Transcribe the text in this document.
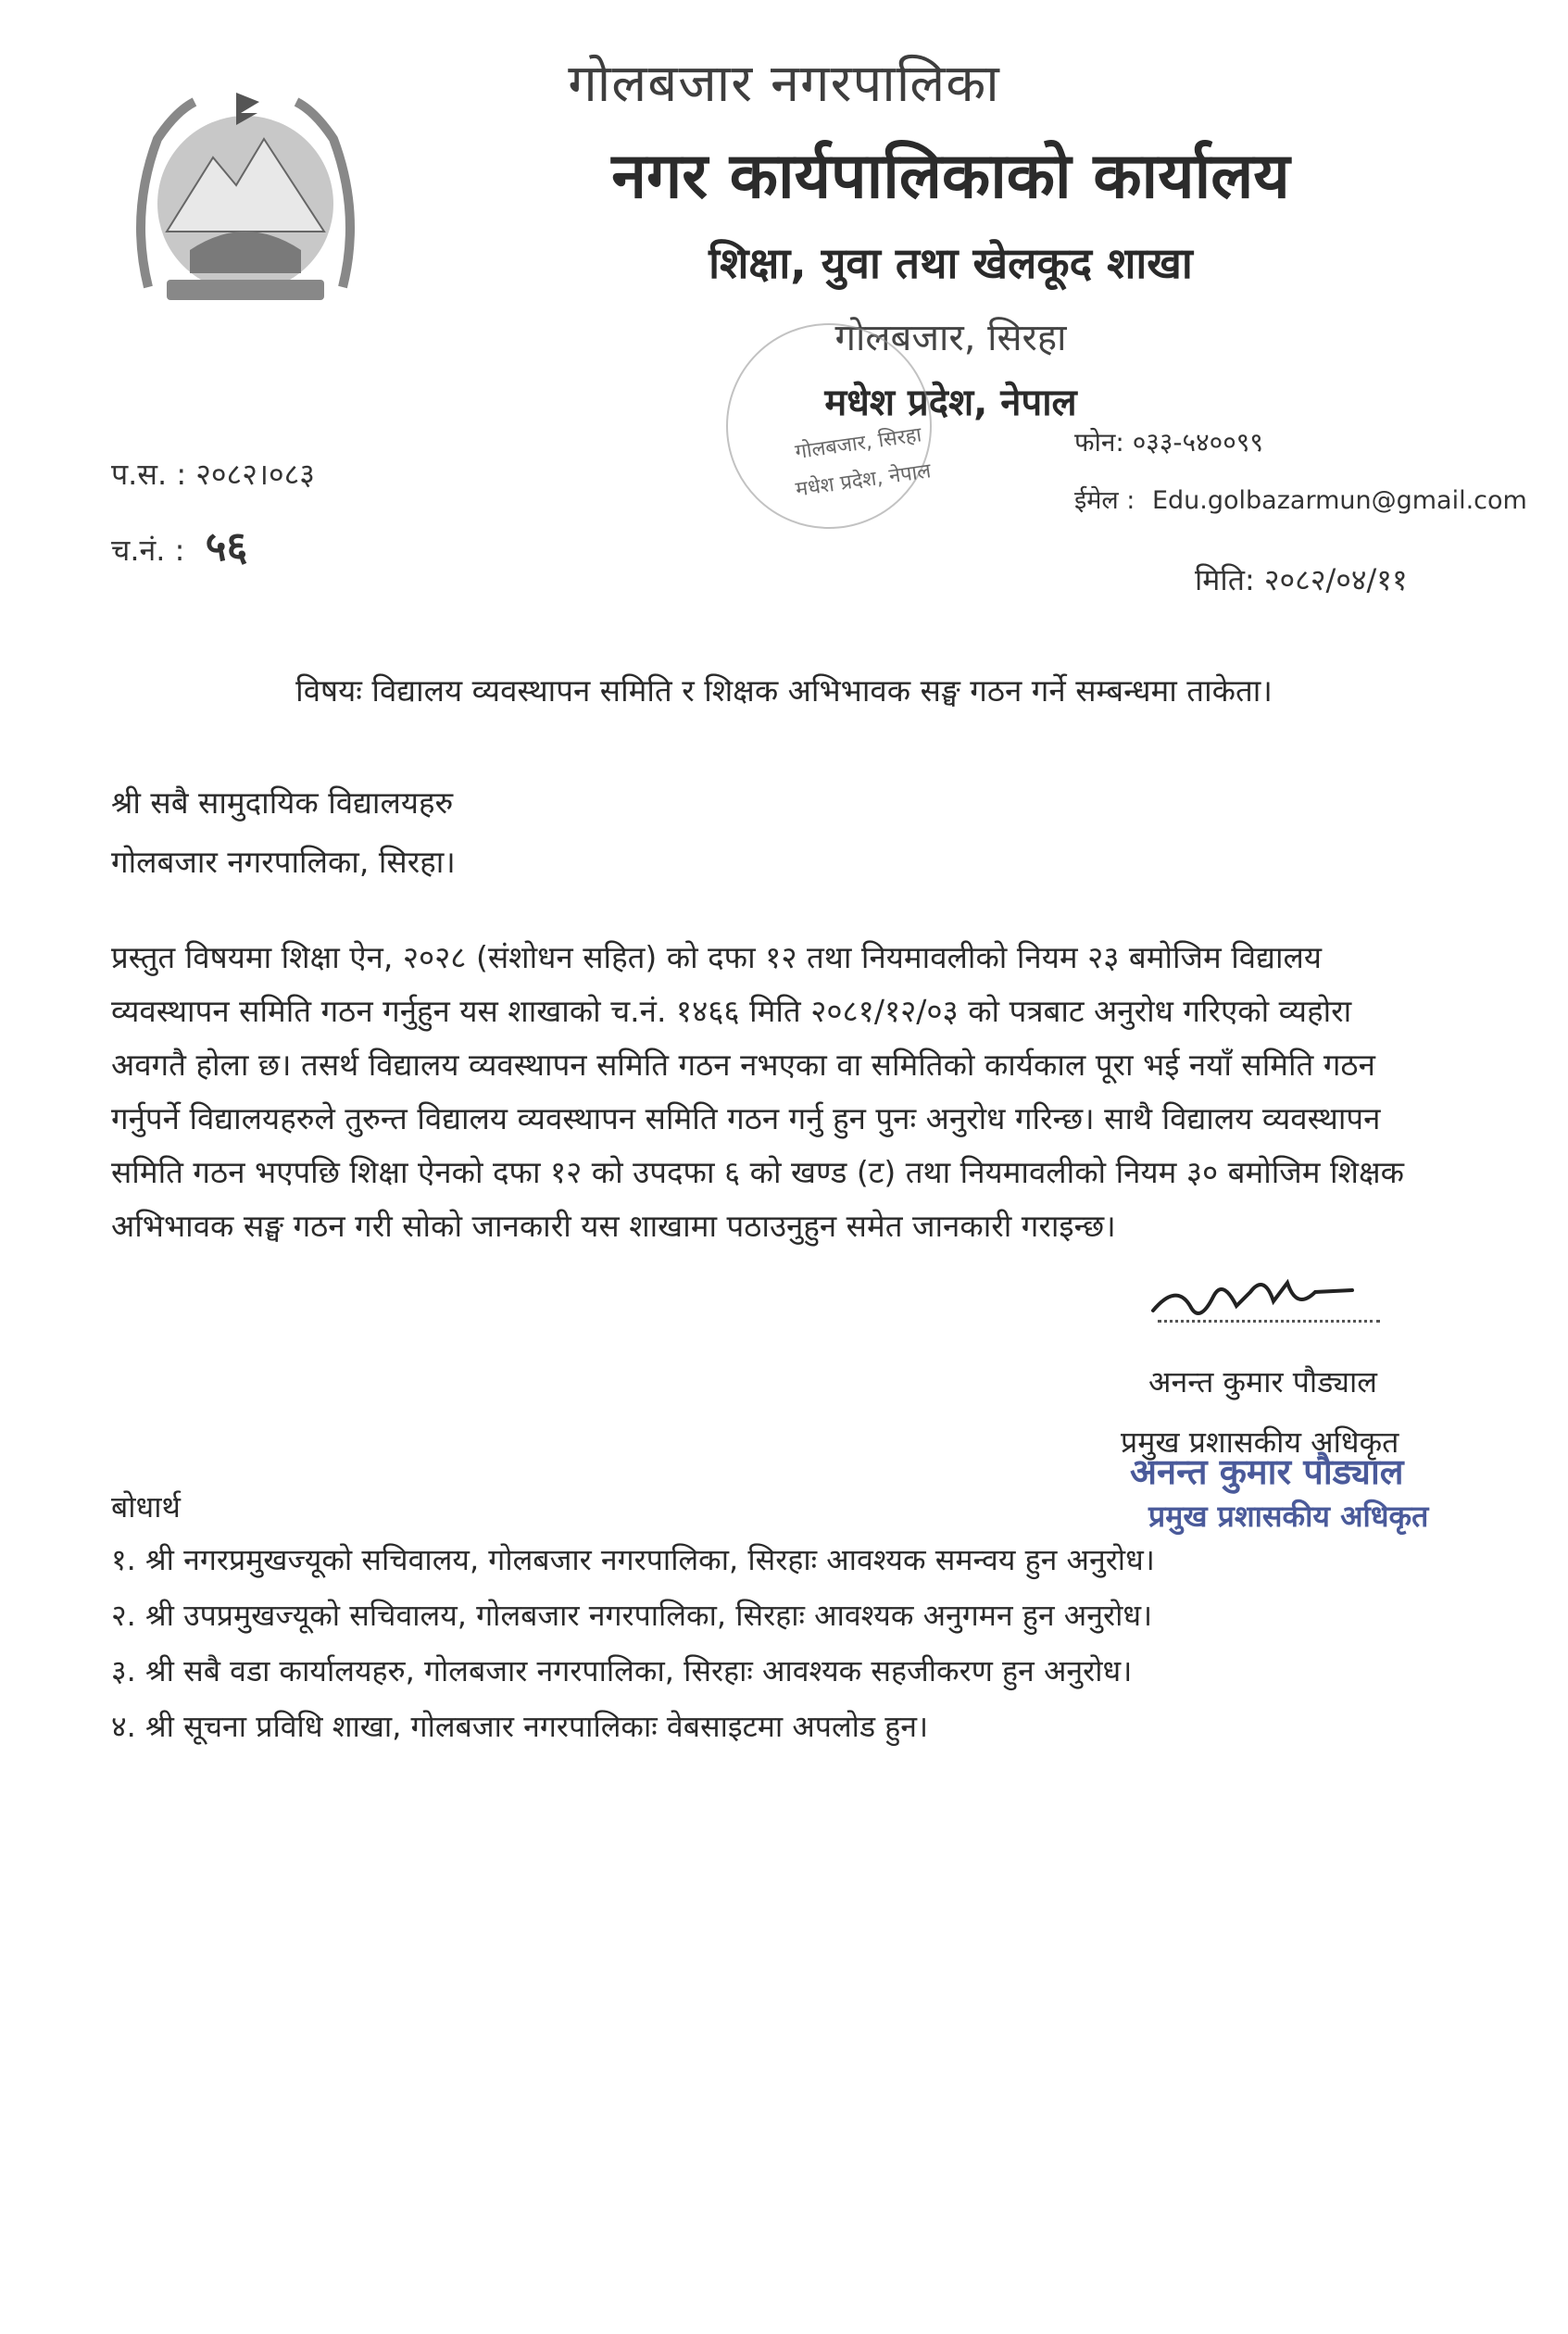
गोलबजार नगरपालिका
नगर कार्यपालिकाको कार्यालय
शिक्षा, युवा तथा खेलकूद शाखा
गोलबजार, सिरहा
मधेश प्रदेश, नेपाल
गोलबजार, सिरहा
मधेश प्रदेश, नेपाल
प.स. : २०८२।०८३
च.नं. : ५६
फोन: ०३३-५४००९९
ईमेल : Edu.golbazarmun@gmail.com
मिति: २०८२/०४/११
विषयः विद्यालय व्यवस्थापन समिति र शिक्षक अभिभावक सङ्घ गठन गर्ने सम्बन्धमा ताकेता।
श्री सबै सामुदायिक विद्यालयहरु
गोलबजार नगरपालिका, सिरहा।
प्रस्तुत विषयमा शिक्षा ऐन, २०२८ (संशोधन सहित) को दफा १२ तथा नियमावलीको नियम २३ बमोजिम विद्यालय
व्यवस्थापन समिति गठन गर्नुहुन यस शाखाको च.नं. १४६६ मिति २०८१/१२/०३ को पत्रबाट अनुरोध गरिएको व्यहोरा
अवगतै होला छ। तसर्थ विद्यालय व्यवस्थापन समिति गठन नभएका वा समितिको कार्यकाल पूरा भई नयाँ समिति गठन
गर्नुपर्ने विद्यालयहरुले तुरुन्त विद्यालय व्यवस्थापन समिति गठन गर्नु हुन पुनः अनुरोध गरिन्छ। साथै विद्यालय व्यवस्थापन
समिति गठन भएपछि शिक्षा ऐनको दफा १२ को उपदफा ६ को खण्ड (ट) तथा नियमावलीको नियम ३० बमोजिम शिक्षक
अभिभावक सङ्घ गठन गरी सोको जानकारी यस शाखामा पठाउनुहुन समेत जानकारी गराइन्छ।
अनन्त कुमार पौड्याल
प्रमुख प्रशासकीय अधिकृत
अनन्त कुमार पौड्याल
प्रमुख प्रशासकीय अधिकृत
बोधार्थ
१. श्री नगरप्रमुखज्यूको सचिवालय, गोलबजार नगरपालिका, सिरहाः आवश्यक समन्वय हुन अनुरोध।
२. श्री उपप्रमुखज्यूको सचिवालय, गोलबजार नगरपालिका, सिरहाः आवश्यक अनुगमन हुन अनुरोध।
३. श्री सबै वडा कार्यालयहरु, गोलबजार नगरपालिका, सिरहाः आवश्यक सहजीकरण हुन अनुरोध।
४. श्री सूचना प्रविधि शाखा, गोलबजार नगरपालिकाः वेबसाइटमा अपलोड हुन।
